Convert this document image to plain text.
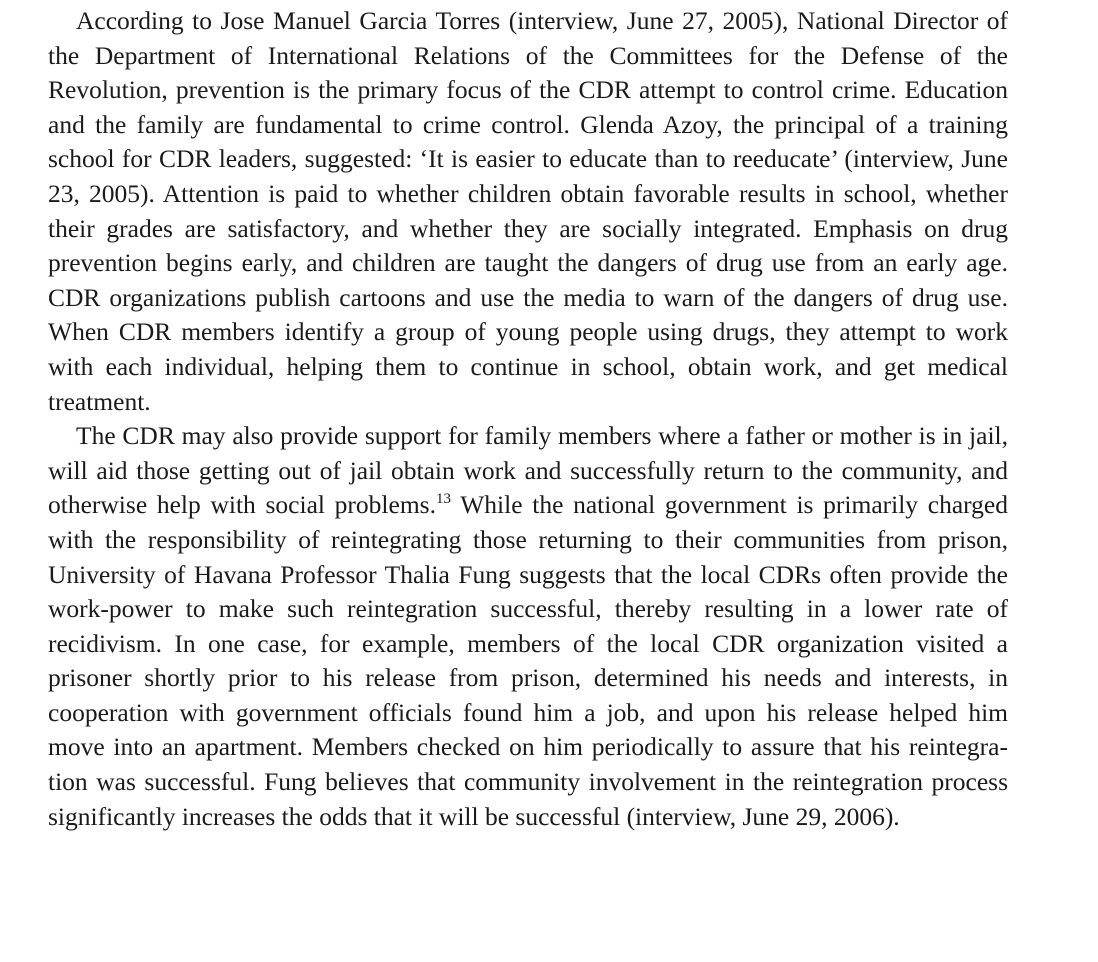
According to Jose Manuel Garcia Torres (interview, June 27, 2005), National Director of the Department of International Relations of the Committees for the Defense of the Revolution, prevention is the primary focus of the CDR attempt to control crime. Education and the family are fundamental to crime control. Glenda Azoy, the principal of a training school for CDR leaders, suggested: ‘It is easier to educate than to reeducate’ (interview, June 23, 2005). Attention is paid to whether children obtain favorable results in school, whether their grades are satisfactory, and whether they are socially integrated. Emphasis on drug prevention begins early, and children are taught the dangers of drug use from an early age. CDR organizations publish cartoons and use the media to warn of the dangers of drug use. When CDR members identify a group of young people using drugs, they attempt to work with each individual, helping them to continue in school, obtain work, and get medical treatment.

The CDR may also provide support for family members where a father or mother is in jail, will aid those getting out of jail obtain work and successfully return to the community, and otherwise help with social problems.$^{13}$ While the national government is primarily charged with the responsibility of reintegrating those returning to their communities from prison, University of Havana Professor Thalia Fung suggests that the local CDRs often provide the work-power to make such reintegration successful, thereby resulting in a lower rate of recidivism. In one case, for example, members of the local CDR organization visited a prisoner shortly prior to his release from prison, determined his needs and interests, in cooperation with government officials found him a job, and upon his release helped him move into an apartment. Members checked on him periodically to assure that his reintegration was successful. Fung believes that community involvement in the reintegration process significantly increases the odds that it will be successful (interview, June 29, 2006).
